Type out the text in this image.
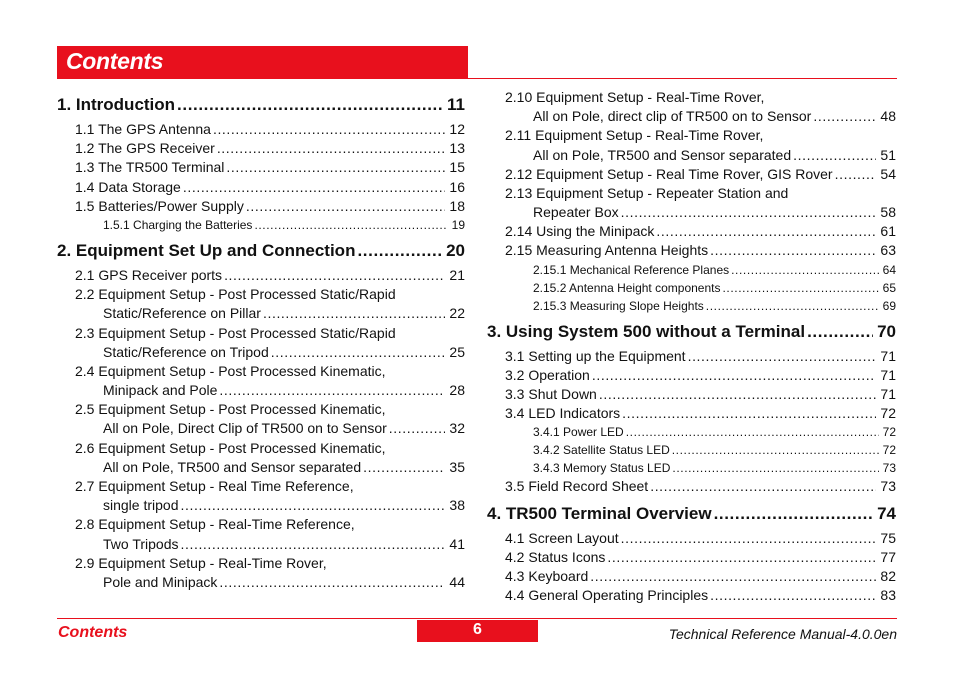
Contents
1. Introduction .....	11
1.1 The GPS Antenna .....	12
1.2 The GPS Receiver .....	13
1.3 The TR500 Terminal .....	15
1.4 Data Storage .....	16
1.5 Batteries/Power Supply .....	18
1.5.1 Charging the Batteries .....	19
2. Equipment Set Up and Connection .....	20
2.1 GPS Receiver ports .....	21
2.2 Equipment Setup - Post Processed Static/Rapid
Static/Reference on Pillar .....	22
2.3 Equipment Setup - Post Processed Static/Rapid
Static/Reference on Tripod .....	25
2.4 Equipment Setup - Post Processed Kinematic,
Minipack and Pole .....	28
2.5 Equipment Setup - Post Processed Kinematic,
All on Pole, Direct Clip of TR500 on to Sensor .....	32
2.6 Equipment Setup - Post Processed Kinematic,
All on Pole, TR500 and Sensor separated .....	35
2.7 Equipment Setup - Real Time Reference,
single tripod .....	38
2.8 Equipment Setup - Real-Time Reference,
Two Tripods .....	41
2.9 Equipment Setup - Real-Time Rover,
Pole and Minipack .....	44
2.10 Equipment Setup - Real-Time Rover,
All on Pole, direct clip of TR500 on to Sensor .....	48
2.11 Equipment Setup - Real-Time Rover,
All on Pole, TR500 and Sensor separated .....	51
2.12 Equipment Setup - Real Time Rover, GIS Rover .....	54
2.13 Equipment Setup - Repeater Station and
Repeater Box .....	58
2.14 Using the Minipack .....	61
2.15 Measuring Antenna Heights .....	63
2.15.1 Mechanical Reference Planes .....	64
2.15.2 Antenna Height components .....	65
2.15.3 Measuring Slope Heights .....	69
3. Using System 500 without a Terminal .....	70
3.1 Setting up the Equipment .....	71
3.2 Operation .....	71
3.3 Shut Down .....	71
3.4 LED Indicators .....	72
3.4.1 Power LED .....	72
3.4.2 Satellite Status LED .....	72
3.4.3 Memory Status LED .....	73
3.5 Field Record Sheet .....	73
4. TR500 Terminal Overview .....	74
4.1 Screen Layout .....	75
4.2 Status Icons .....	77
4.3 Keyboard .....	82
4.4 General Operating Principles .....	83
Contents	6	Technical Reference Manual-4.0.0en
